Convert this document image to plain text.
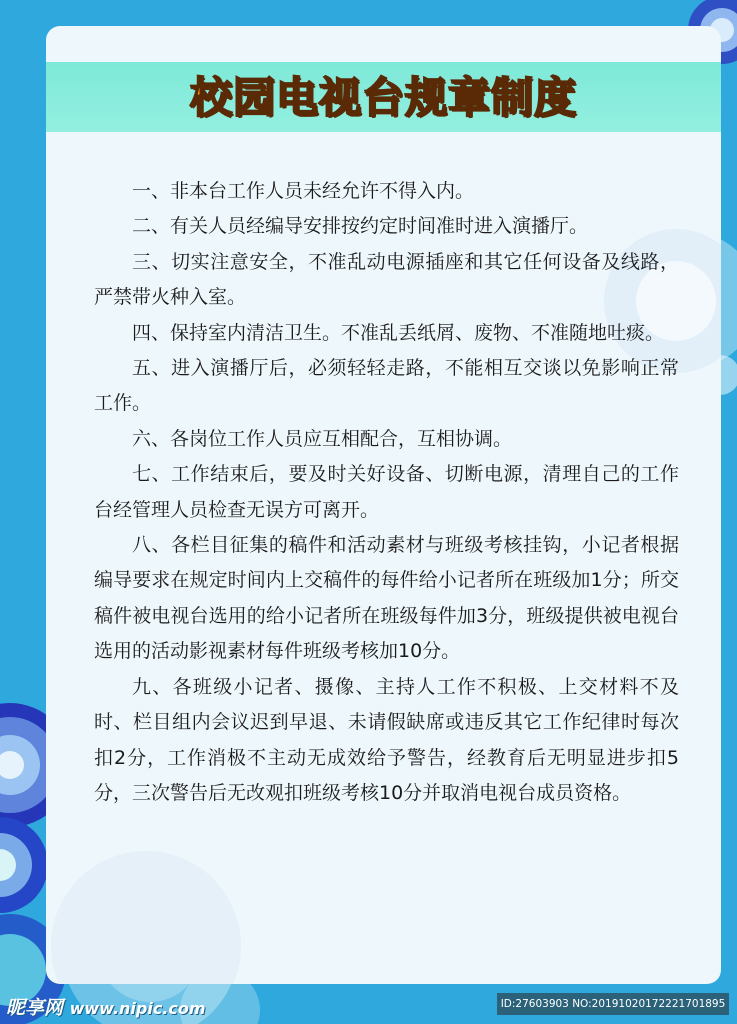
校园电视台规章制度

一、非本台工作人员未经允许不得入内。

二、有关人员经编导安排按约定时间准时进入演播厅。

三、切实注意安全，不准乱动电源插座和其它任何设备及线路，严禁带火种入室。

四、保持室内清洁卫生。不准乱丢纸屑、废物、不准随地吐痰。

五、进入演播厅后，必须轻轻走路，不能相互交谈以免影响正常工作。

六、各岗位工作人员应互相配合，互相协调。

七、工作结束后，要及时关好设备、切断电源，清理自己的工作台经管理人员检查无误方可离开。

八、各栏目征集的稿件和活动素材与班级考核挂钩，小记者根据编导要求在规定时间内上交稿件的每件给小记者所在班级加1分；所交稿件被电视台选用的给小记者所在班级每件加3分，班级提供被电视台选用的活动影视素材每件班级考核加10分。

九、各班级小记者、摄像、主持人工作不积极、上交材料不及时、栏目组内会议迟到早退、未请假缺席或违反其它工作纪律时每次扣2分，工作消极不主动无成效给予警告，经教育后无明显进步扣5分，三次警告后无改观扣班级考核10分并取消电视台成员资格。

昵享网 www.nipic.com	ID:27603903 NO:20191020172221701895
